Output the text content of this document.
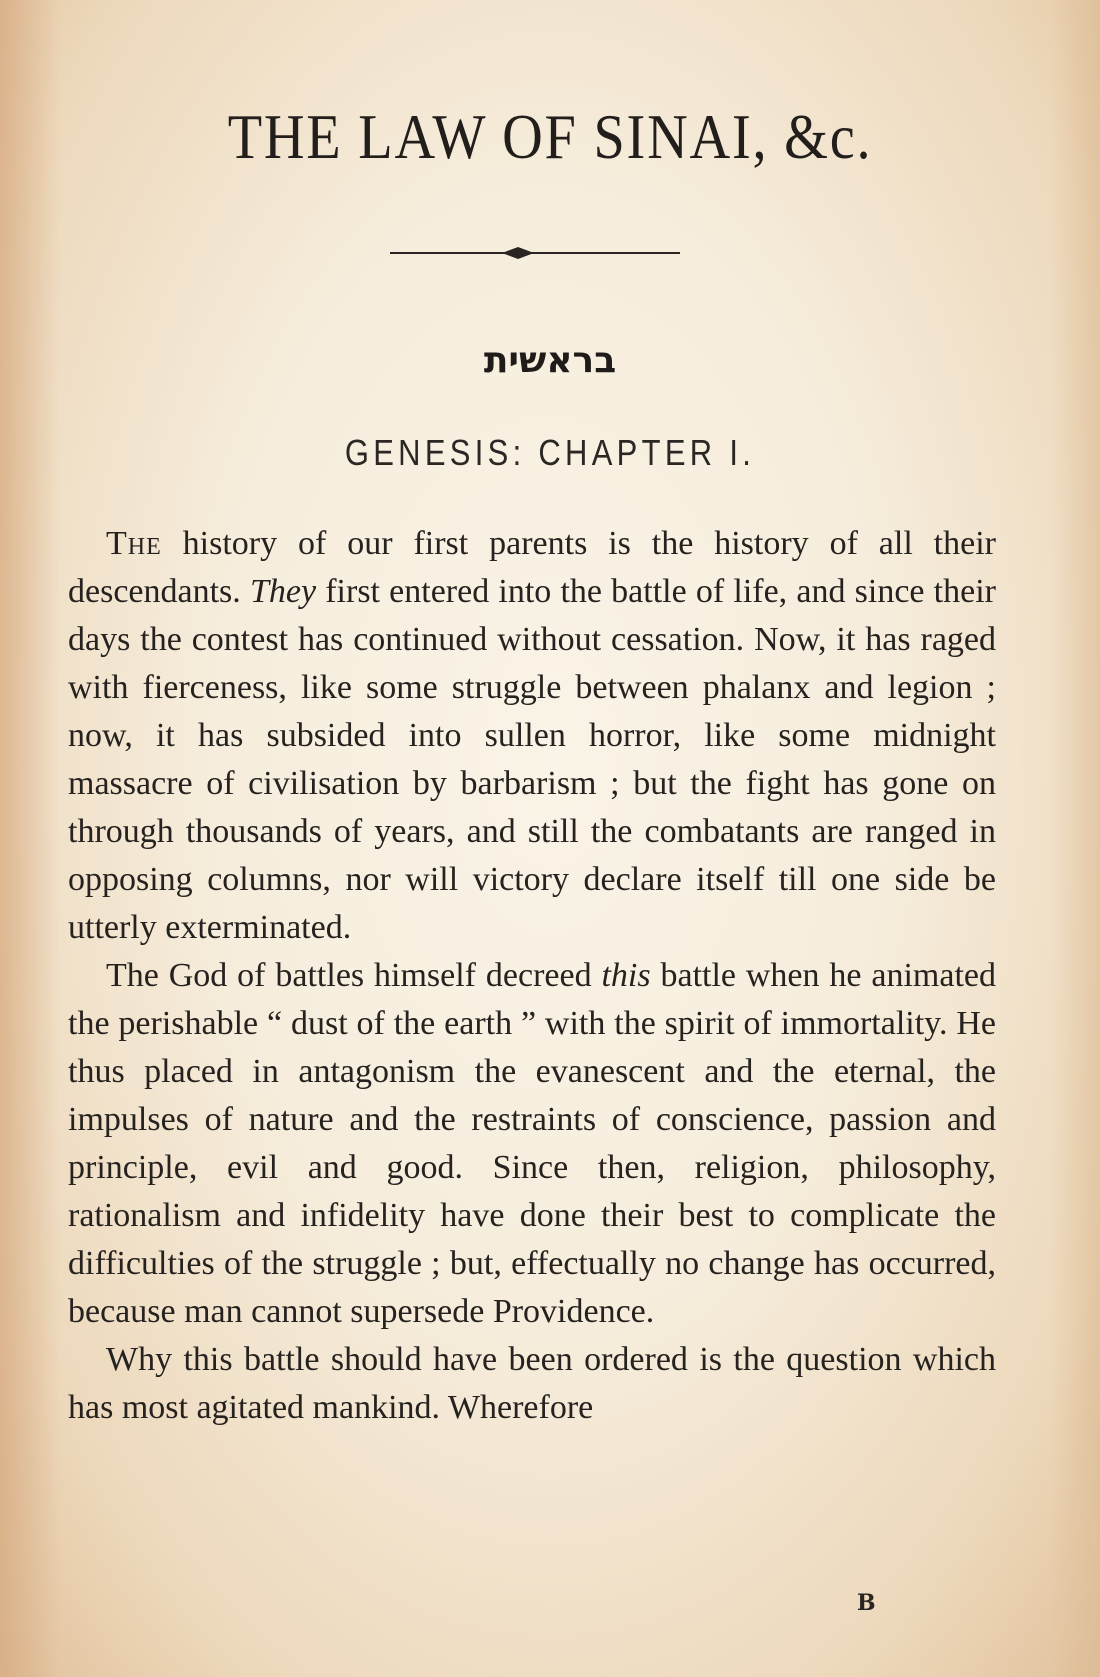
THE LAW OF SINAI, &c.
בראשית
GENESIS: CHAPTER I.

The history of our first parents is the history of all their descendants. They first entered into the battle of life, and since their days the contest has continued without cessation. Now, it has raged with fierceness, like some struggle between phalanx and legion ; now, it has subsided into sullen horror, like some midnight massacre of civilisation by barbarism ; but the fight has gone on through thousands of years, and still the combatants are ranged in opposing columns, nor will victory declare itself till one side be utterly exterminated.

The God of battles himself decreed this battle when he animated the perishable “ dust of the earth ” with the spirit of immortality. He thus placed in antagonism the evanescent and the eternal, the impulses of nature and the restraints of conscience, passion and principle, evil and good. Since then, religion, philosophy, rationalism and infidelity have done their best to complicate the difficulties of the struggle ; but, effectually no change has occurred, because man cannot supersede Providence.

Why this battle should have been ordered is the question which has most agitated mankind. Wherefore

B
